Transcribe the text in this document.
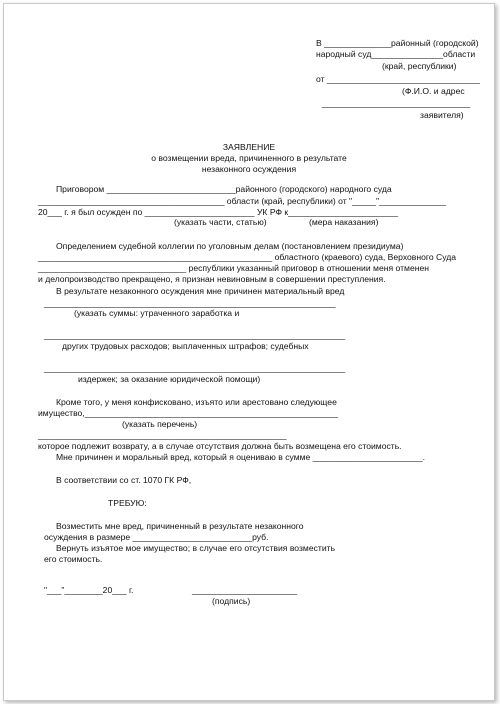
В ______________районный (городской)
народный суд_______________области
(край, республики)
от ________________________________
(Ф.И.О. и адрес
_______________________________
заявителя)
ЗАЯВЛЕНИЕ
о возмещении вреда, причиненного в результате
незаконного осуждения
Приговором ___________________________районного (городского) народного суда
_______________________________________ области (край, республики) от "_____"______________
20___ г. я был осужден по _______________________ УК РФ к_______________________
(указать части, статью)	(мера наказания)
Определением судебной коллегии по уголовным делам (постановлением президиума)
_________________________________________________ областного (краевого) суда, Верховного Суда
_______________________________ республики указанный приговор в отношении меня отменен
и делопроизводство прекращено, я признан невиновным в совершении преступления.
В результате незаконного осуждения мне причинен материальный вред
_____________________________________________________________
(указать суммы: утраченного заработка и
_______________________________________________________________
других трудовых расходов; выплаченных штрафов; судебных
_______________________________________________________________
издержек; за оказание юридической помощи)
Кроме того, у меня конфисковано, изъято или арестовано следующее
имущество,_____________________________________________________
(указать перечень)
____________________________________________________
которое подлежит возврату, а в случае отсутствия должна быть возмещена его стоимость.
Мне причинен и моральный вред, который я оцениваю в сумме _______________________.
В соответствии со ст. 1070 ГК РФ,
ТРЕБУЮ:
Возместить мне вред, причиненный в результате незаконного
осуждения в размере _________________________руб.
Вернуть изъятое мое имущество; в случае его отсутствия возместить
его стоимость.
"___"________20___ г.	______________________
(подпись)
